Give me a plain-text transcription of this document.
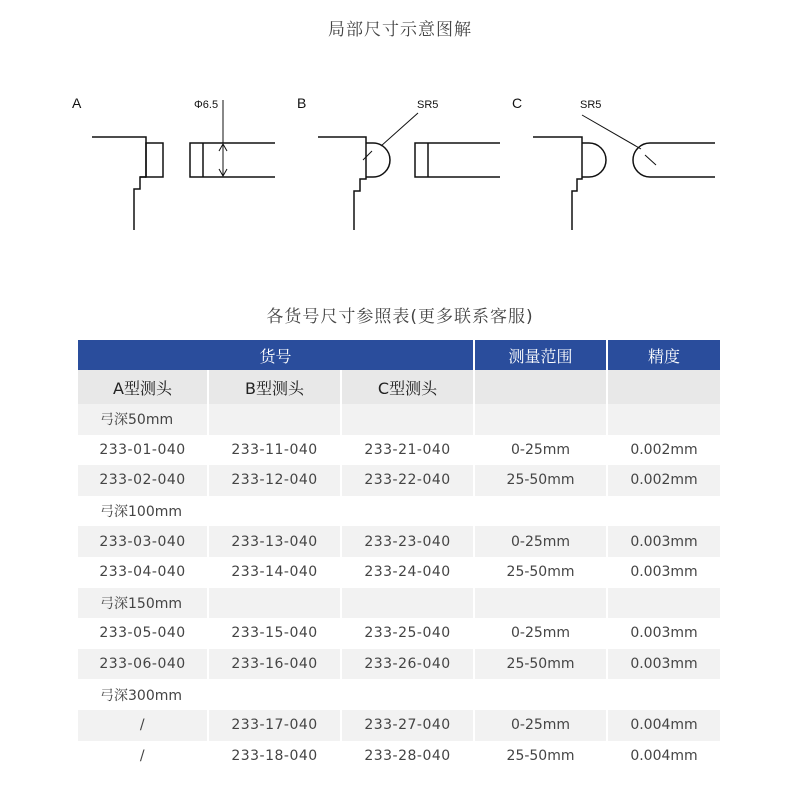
局部尺寸示意图解
A	Φ6.5	B	SR5	C	SR5
各货号尺寸参照表(更多联系客服)
货号			测量范围	精度
A型测头	B型测头	C型测头		
弓深50mm				
233-01-040	233-11-040	233-21-040	0-25mm	0.002mm
233-02-040	233-12-040	233-22-040	25-50mm	0.002mm
弓深100mm				
233-03-040	233-13-040	233-23-040	0-25mm	0.003mm
233-04-040	233-14-040	233-24-040	25-50mm	0.003mm
弓深150mm				
233-05-040	233-15-040	233-25-040	0-25mm	0.003mm
233-06-040	233-16-040	233-26-040	25-50mm	0.003mm
弓深300mm				
/	233-17-040	233-27-040	0-25mm	0.004mm
/	233-18-040	233-28-040	25-50mm	0.004mm
